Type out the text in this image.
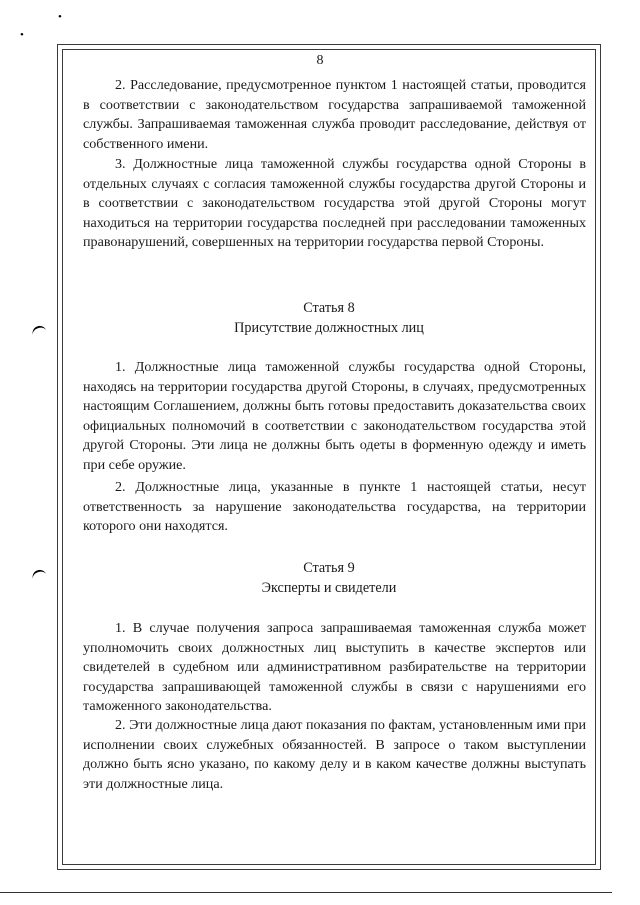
•
•
8

2. Расследование, предусмотренное пунктом 1 настоящей статьи, проводится в соответствии с законодательством государства запрашиваемой таможенной службы. Запрашиваемая таможенная служба проводит расследование, действуя от собственного имени.

3. Должностные лица таможенной службы государства одной Стороны в отдельных случаях с согласия таможенной службы государства другой Стороны и в соответствии с законодательством государства этой другой Стороны могут находиться на территории государства последней при расследовании таможенных правонарушений, совершенных на территории государства первой Стороны.

Статья 8

Присутствие должностных лиц

1. Должностные лица таможенной службы государства одной Стороны, находясь на территории государства другой Стороны, в случаях, предусмотренных настоящим Соглашением, должны быть готовы предоставить доказательства своих официальных полномочий в соответствии с законодательством государства этой другой Стороны. Эти лица не должны быть одеты в форменную одежду и иметь при себе оружие.

2. Должностные лица, указанные в пункте 1 настоящей статьи, несут ответственность за нарушение законодательства государства, на территории которого они находятся.

Статья 9

Эксперты и свидетели

1. В случае получения запроса запрашиваемая таможенная служба может уполномочить своих должностных лиц выступить в качестве экспертов или свидетелей в судебном или административном разбирательстве на территории государства запрашивающей таможенной службы в связи с нарушениями его таможенного законодательства.

2. Эти должностные лица дают показания по фактам, установленным ими при исполнении своих служебных обязанностей. В запросе о таком выступлении должно быть ясно указано, по какому делу и в каком качестве должны выступать эти должностные лица.
